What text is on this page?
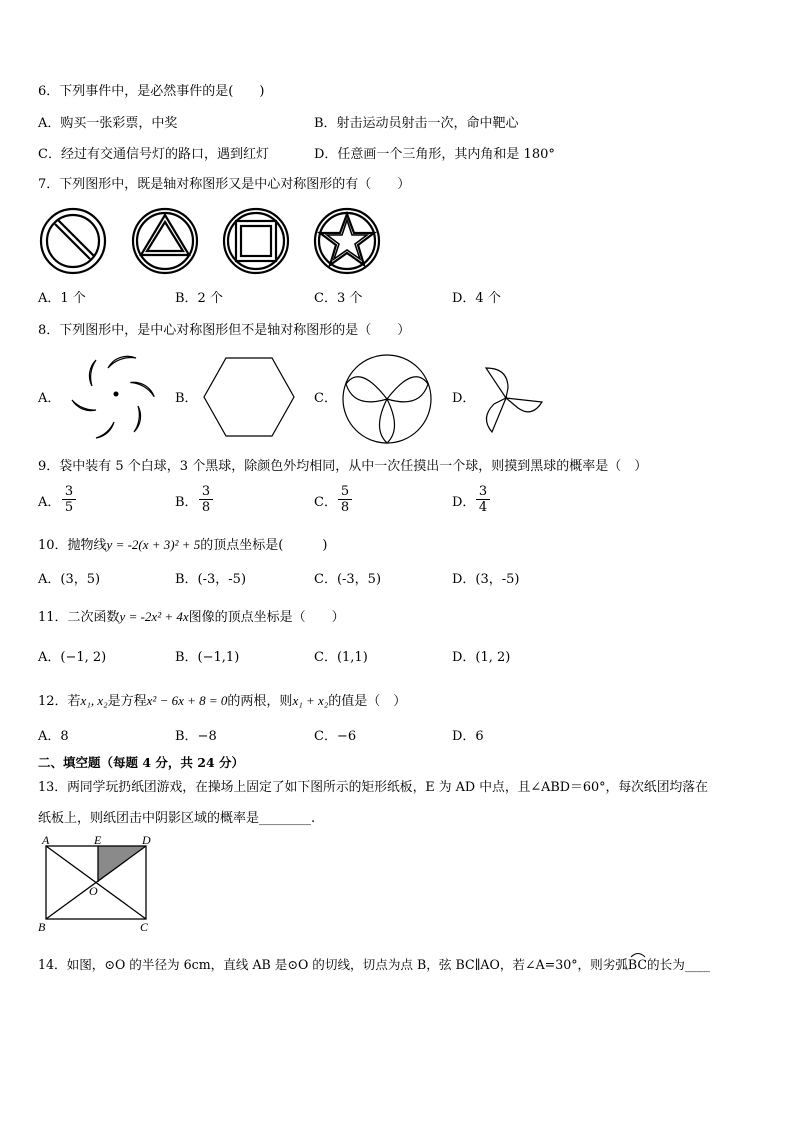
6．下列事件中，是必然事件的是(　　)
A．购买一张彩票，中奖	B．射击运动员射击一次，命中靶心
C．经过有交通信号灯的路口，遇到红灯	D．任意画一个三角形，其内角和是 180°
7．下列图形中，既是轴对称图形又是中心对称图形的有（　　）
A．1 个	B．2 个	C．3 个	D．4 个
8．下列图形中，是中心对称图形但不是轴对称图形的是（　　）
A．	B．	C．	D．
9．袋中装有 5 个白球，3 个黑球，除颜色外均相同，从中一次任摸出一个球，则摸到黑球的概率是（　）
A． $\frac{3}{5}$	B． $\frac{3}{8}$	C． $\frac{5}{8}$	D． $\frac{3}{4}$
10．抛物线y = -2(x + 3)² + 5的顶点坐标是(　　　)
A．(3，5)	B．(-3，-5)	C．(-3，5)	D．(3，-5)
11．二次函数y = -2x² + 4x图像的顶点坐标是（　　）
A．(−1, 2)	B．(−1,1)	C．(1,1)	D．(1, 2)
12．若x₁, x₂是方程x² − 6x + 8 = 0的两根，则x₁ + x₂的值是（　）
A．8	B．−8	C．−6	D．6
二、填空题（每题 4 分，共 24 分）
13．两同学玩扔纸团游戏，在操场上固定了如下图所示的矩形纸板，E 为 AD 中点，且∠ABD＝60°，每次纸团均落在
纸板上，则纸团击中阴影区域的概率是________.
A	E	D
O
B	C
14．如图，⊙O 的半径为 6cm，直线 AB 是⊙O 的切线，切点为点 B，弦 BC∥AO，若∠A=30°，则劣弧BC
的长为____
